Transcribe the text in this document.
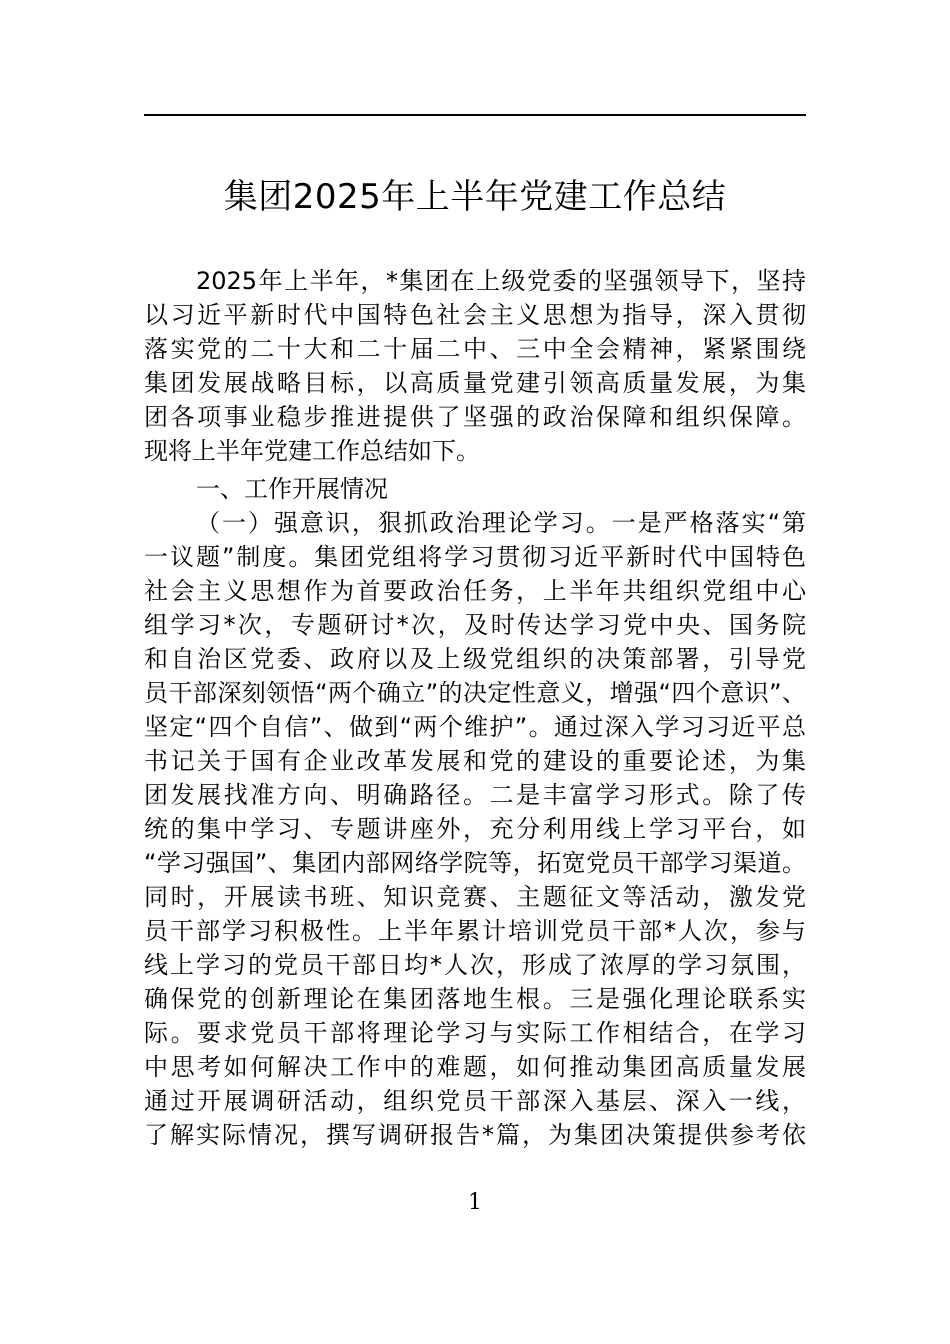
集团2025年上半年党建工作总结
2025年上半年，*集团在上级党委的坚强领导下，坚持
以习近平新时代中国特色社会主义思想为指导，深入贯彻
落实党的二十大和二十届二中、三中全会精神，紧紧围绕
集团发展战略目标，以高质量党建引领高质量发展，为集
团各项事业稳步推进提供了坚强的政治保障和组织保障。
现将上半年党建工作总结如下。
一、工作开展情况
（一）强意识，狠抓政治理论学习。一是严格落实“第
一议题”制度。集团党组将学习贯彻习近平新时代中国特色
社会主义思想作为首要政治任务，上半年共组织党组中心
组学习*次，专题研讨*次，及时传达学习党中央、国务院
和自治区党委、政府以及上级党组织的决策部署，引导党
员干部深刻领悟“两个确立”的决定性意义，增强“四个意识”、
坚定“四个自信”、做到“两个维护”。通过深入学习习近平总
书记关于国有企业改革发展和党的建设的重要论述，为集
团发展找准方向、明确路径。二是丰富学习形式。除了传
统的集中学习、专题讲座外，充分利用线上学习平台，如
“学习强国”、集团内部网络学院等，拓宽党员干部学习渠道。
同时，开展读书班、知识竞赛、主题征文等活动，激发党
员干部学习积极性。上半年累计培训党员干部*人次，参与
线上学习的党员干部日均*人次，形成了浓厚的学习氛围，
确保党的创新理论在集团落地生根。三是强化理论联系实
际。要求党员干部将理论学习与实际工作相结合，在学习
中思考如何解决工作中的难题，如何推动集团高质量发展
通过开展调研活动，组织党员干部深入基层、深入一线，
了解实际情况，撰写调研报告*篇，为集团决策提供参考依
1
